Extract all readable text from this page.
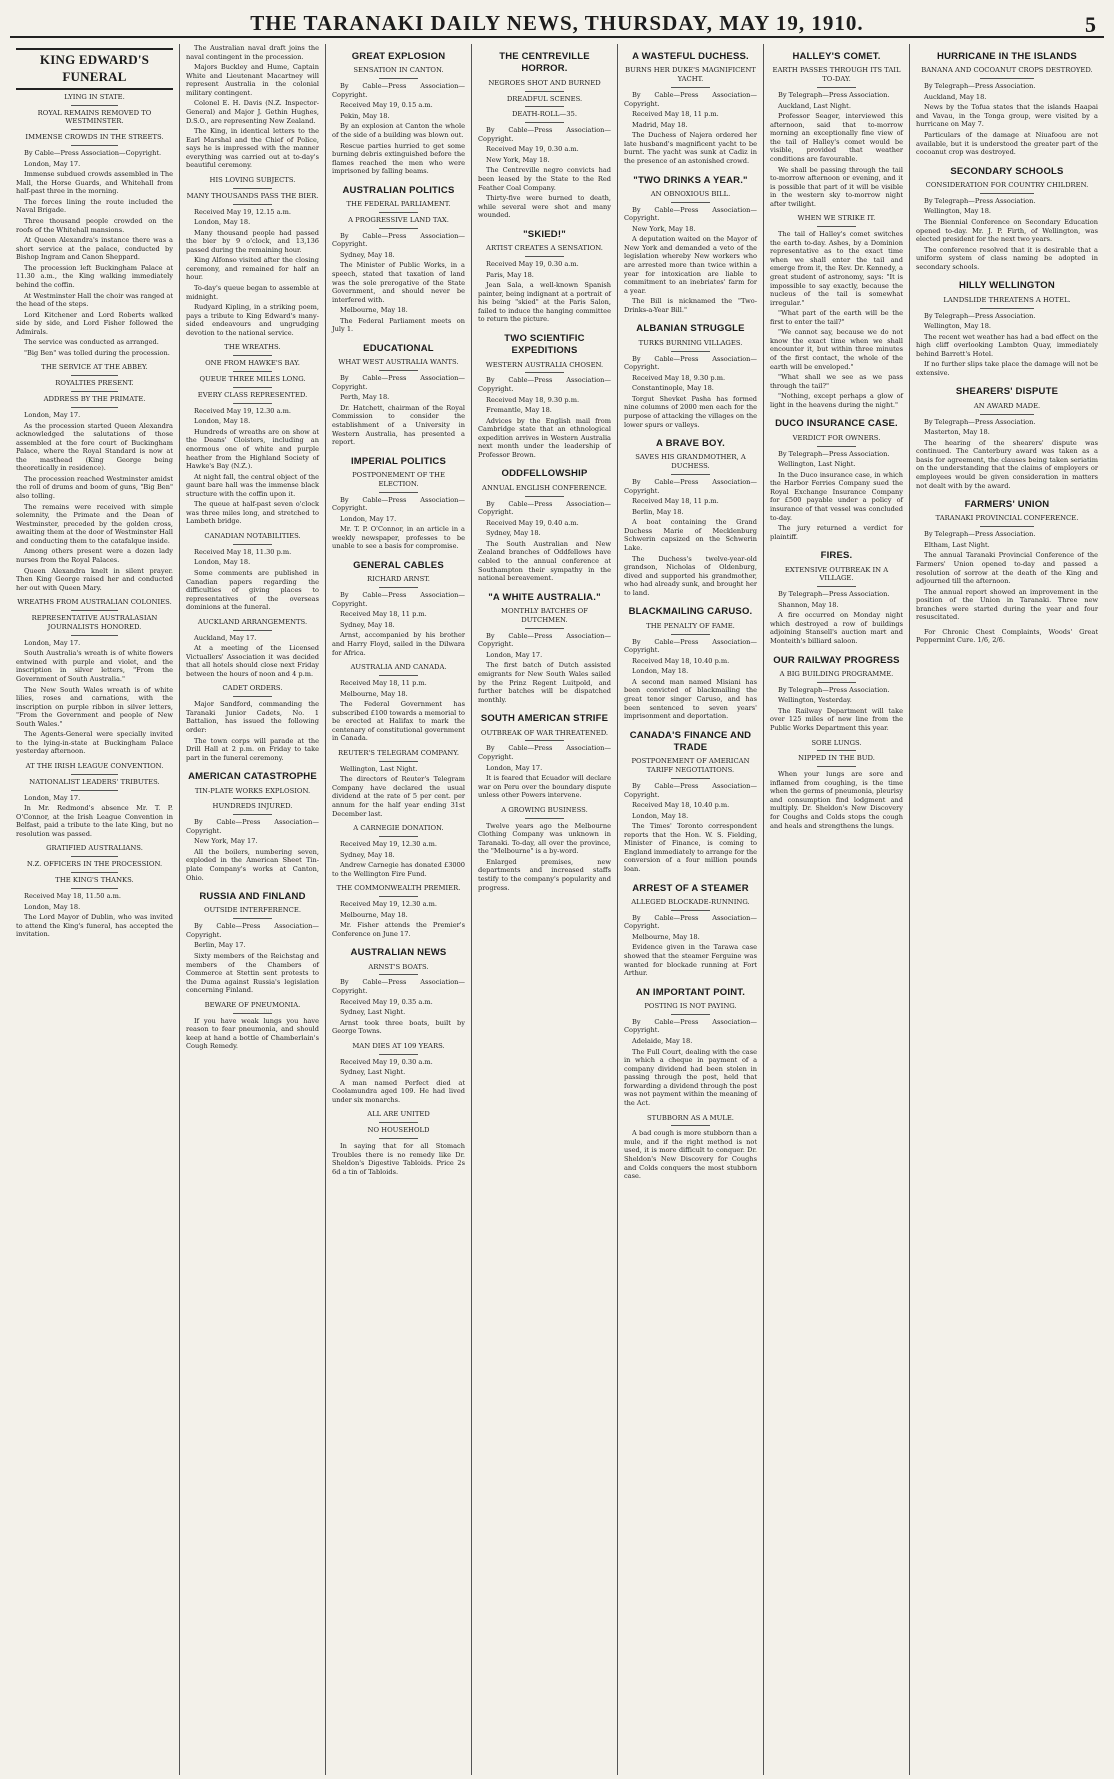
THE TARANAKI DAILY NEWS, THURSDAY, MAY 19, 1910.	5
KING EDWARD'S FUNERAL
LYING IN STATE.
ROYAL REMAINS REMOVED TO WESTMINSTER.
IMMENSE CROWDS IN THE STREETS.

By Cable—Press Association—Copyright.

London, May 17.

Immense subdued crowds assembled in The Mall, the Horse Guards, and Whitehall from half-past three in the morning.

The forces lining the route included the Naval Brigade.

Three thousand people crowded on the roofs of the Whitehall mansions.

At Queen Alexandra's instance there was a short service at the palace, conducted by Bishop Ingram and Canon Sheppard.

The procession left Buckingham Palace at 11.30 a.m., the King walking immediately behind the coffin.

At Westminster Hall the choir was ranged at the head of the steps.

Lord Kitchener and Lord Roberts walked side by side, and Lord Fisher followed the Admirals.

The service was conducted as arranged.

"Big Ben" was tolled during the procession.

THE SERVICE AT THE ABBEY.
ROYALTIES PRESENT.
ADDRESS BY THE PRIMATE.

London, May 17.

As the procession started Queen Alexandra acknowledged the salutations of those assembled at the fore court of Buckingham Palace, where the Royal Standard is now at the masthead (King George being theoretically in residence).

The procession reached Westminster amidst the roll of drums and boom of guns, "Big Ben" also tolling.

The remains were received with simple solemnity, the Primate and the Dean of Westminster, preceded by the golden cross, awaiting them at the door of Westminster Hall and conducting them to the catafalque inside.

Among others present were a dozen lady nurses from the Royal Palaces.

Queen Alexandra knelt in silent prayer. Then King George raised her and conducted her out with Queen Mary.

WREATHS FROM AUSTRALIAN COLONIES.
REPRESENTATIVE AUSTRALASIAN JOURNALISTS HONORED.

London, May 17.

South Australia's wreath is of white flowers entwined with purple and violet, and the inscription in silver letters, "From the Government of South Australia."

The New South Wales wreath is of white lilies, roses and carnations, with the inscription on purple ribbon in silver letters, "From the Government and people of New South Wales."

The Agents-General were specially invited to the lying-in-state at Buckingham Palace yesterday afternoon.

AT THE IRISH LEAGUE CONVENTION.
NATIONALIST LEADERS' TRIBUTES.

London, May 17.

In Mr. Redmond's absence Mr. T. P. O'Connor, at the Irish League Convention in Belfast, paid a tribute to the late King, but no resolution was passed.

GRATIFIED AUSTRALIANS.
N.Z. OFFICERS IN THE PROCESSION.
THE KING'S THANKS.

Received May 18, 11.50 a.m.

London, May 18.

The Lord Mayor of Dublin, who was invited to attend the King's funeral, has accepted the invitation.

The Australian naval draft joins the naval contingent in the procession.

Majors Buckley and Hume, Captain White and Lieutenant Macartney will represent Australia in the colonial military contingent.

Colonel E. H. Davis (N.Z. Inspector-General) and Major J. Gethin Hughes, D.S.O., are representing New Zealand.

The King, in identical letters to the Earl Marshal and the Chief of Police, says he is impressed with the manner everything was carried out at to-day's beautiful ceremony.

HIS LOVING SUBJECTS.
MANY THOUSANDS PASS THE BIER.

Received May 19, 12.15 a.m.

London, May 18.

Many thousand people had passed the bier by 9 o'clock, and 13,136 passed during the remaining hour.

King Alfonso visited after the closing ceremony, and remained for half an hour.

To-day's queue began to assemble at midnight.

Rudyard Kipling, in a striking poem, pays a tribute to King Edward's many-sided endeavours and ungrudging devotion to the national service.

THE WREATHS.
ONE FROM HAWKE'S BAY.
QUEUE THREE MILES LONG.
EVERY CLASS REPRESENTED.

Received May 19, 12.30 a.m.

London, May 18.

Hundreds of wreaths are on show at the Deans' Cloisters, including an enormous one of white and purple heather from the Highland Society of Hawke's Bay (N.Z.).

At night fall, the central object of the gaunt bare hall was the immense black structure with the coffin upon it.

The queue at half-past seven o'clock was three miles long, and stretched to Lambeth bridge.

CANADIAN NOTABILITIES.

Received May 18, 11.30 p.m.

London, May 18.

Some comments are published in Canadian papers regarding the difficulties of giving places to representatives of the overseas dominions at the funeral.

AUCKLAND ARRANGEMENTS.

Auckland, May 17.

At a meeting of the Licensed Victuallers' Association it was decided that all hotels should close next Friday between the hours of noon and 4 p.m.

CADET ORDERS.

Major Sandford, commanding the Taranaki Junior Cadets, No. 1 Battalion, has issued the following order:

The town corps will parade at the Drill Hall at 2 p.m. on Friday to take part in the funeral ceremony.

AMERICAN CATASTROPHE
TIN-PLATE WORKS EXPLOSION.
HUNDREDS INJURED.

By Cable—Press Association—Copyright.

New York, May 17.

All the boilers, numbering seven, exploded in the American Sheet Tin-plate Company's works at Canton, Ohio.

RUSSIA AND FINLAND
OUTSIDE INTERFERENCE.

By Cable—Press Association—Copyright.

Berlin, May 17.

Sixty members of the Reichstag and members of the Chambers of Commerce at Stettin sent protests to the Duma against Russia's legislation concerning Finland.

BEWARE OF PNEUMONIA.

If you have weak lungs you have reason to fear pneumonia, and should keep at hand a bottle of Chamberlain's Cough Remedy.

GREAT EXPLOSION
SENSATION IN CANTON.

By Cable—Press Association—Copyright.

Received May 19, 0.15 a.m.

Pekin, May 18.

By an explosion at Canton the whole of the side of a building was blown out.

Rescue parties hurried to get some burning debris extinguished before the flames reached the men who were imprisoned by falling beams.

AUSTRALIAN POLITICS
THE FEDERAL PARLIAMENT.
A PROGRESSIVE LAND TAX.

By Cable—Press Association—Copyright.

Sydney, May 18.

The Minister of Public Works, in a speech, stated that taxation of land was the sole prerogative of the State Government, and should never be interfered with.

Melbourne, May 18.

The Federal Parliament meets on July 1.

EDUCATIONAL
WHAT WEST AUSTRALIA WANTS.

By Cable—Press Association—Copyright.

Perth, May 18.

Dr. Hatchett, chairman of the Royal Commission to consider the establishment of a University in Western Australia, has presented a report.

IMPERIAL POLITICS
POSTPONEMENT OF THE ELECTION.

By Cable—Press Association—Copyright.

London, May 17.

Mr. T. P. O'Connor, in an article in a weekly newspaper, professes to be unable to see a basis for compromise.

GENERAL CABLES
RICHARD ARNST.

By Cable—Press Association—Copyright.

Received May 18, 11 p.m.

Sydney, May 18.

Arnst, accompanied by his brother and Harry Floyd, sailed in the Dilwara for Africa.

AUSTRALIA AND CANADA.

Received May 18, 11 p.m.

Melbourne, May 18.

The Federal Government has subscribed £100 towards a memorial to be erected at Halifax to mark the centenary of constitutional government in Canada.

REUTER'S TELEGRAM COMPANY.

Wellington, Last Night.

The directors of Reuter's Telegram Company have declared the usual dividend at the rate of 5 per cent. per annum for the half year ending 31st December last.

A CARNEGIE DONATION.

Received May 19, 12.30 a.m.

Sydney, May 18.

Andrew Carnegie has donated £3000 to the Wellington Fire Fund.

THE COMMONWEALTH PREMIER.

Received May 19, 12.30 a.m.

Melbourne, May 18.

Mr. Fisher attends the Premier's Conference on June 17.

AUSTRALIAN NEWS
ARNST'S BOATS.

By Cable—Press Association—Copyright.

Received May 19, 0.35 a.m.

Sydney, Last Night.

Arnst took three boats, built by George Towns.

MAN DIES AT 109 YEARS.

Received May 19, 0.30 a.m.

Sydney, Last Night.

A man named Perfect died at Coolamundra aged 109. He had lived under six monarchs.

ALL ARE UNITED
NO HOUSEHOLD

In saying that for all Stomach Troubles there is no remedy like Dr. Sheldon's Digestive Tabloids. Price 2s 6d a tin of Tabloids.

THE CENTREVILLE HORROR.
NEGROES SHOT AND BURNED
DREADFUL SCENES.
DEATH-ROLL—35.

By Cable—Press Association—Copyright.

Received May 19, 0.30 a.m.

New York, May 18.

The Centreville negro convicts had been leased by the State to the Red Feather Coal Company.

Thirty-five were burned to death, while several were shot and many wounded.

"SKIED!"
ARTIST CREATES A SENSATION.

Received May 19, 0.30 a.m.

Paris, May 18.

Jean Sala, a well-known Spanish painter, being indignant at a portrait of his being "skied" at the Paris Salon, failed to induce the hanging committee to return the picture.

TWO SCIENTIFIC EXPEDITIONS
WESTERN AUSTRALIA CHOSEN.

By Cable—Press Association—Copyright.

Received May 18, 9.30 p.m.

Fremantle, May 18.

Advices by the English mail from Cambridge state that an ethnological expedition arrives in Western Australia next month under the leadership of Professor Brown.

ODDFELLOWSHIP
ANNUAL ENGLISH CONFERENCE.

By Cable—Press Association—Copyright.

Received May 19, 0.40 a.m.

Sydney, May 18.

The South Australian and New Zealand branches of Oddfellows have cabled to the annual conference at Southampton their sympathy in the national bereavement.

"A WHITE AUSTRALIA."
MONTHLY BATCHES OF DUTCHMEN.

By Cable—Press Association—Copyright.

London, May 17.

The first batch of Dutch assisted emigrants for New South Wales sailed by the Prinz Regent Luitpold, and further batches will be dispatched monthly.

SOUTH AMERICAN STRIFE
OUTBREAK OF WAR THREATENED.

By Cable—Press Association—Copyright.

London, May 17.

It is feared that Ecuador will declare war on Peru over the boundary dispute unless other Powers intervene.

A GROWING BUSINESS.

Twelve years ago the Melbourne Clothing Company was unknown in Taranaki. To-day, all over the province, the "Melbourne" is a by-word.

Enlarged premises, new departments and increased staffs testify to the company's popularity and progress.

A WASTEFUL DUCHESS.
BURNS HER DUKE'S MAGNIFICENT YACHT.

By Cable—Press Association—Copyright.

Received May 18, 11 p.m.

Madrid, May 18.

The Duchess of Najera ordered her late husband's magnificent yacht to be burnt. The yacht was sunk at Cadiz in the presence of an astonished crowd.

"TWO DRINKS A YEAR."
AN OBNOXIOUS BILL.

By Cable—Press Association—Copyright.

New York, May 18.

A deputation waited on the Mayor of New York and demanded a veto of the legislation whereby New workers who are arrested more than twice within a year for intoxication are liable to commitment to an inebriates' farm for a year.

The Bill is nicknamed the "Two-Drinks-a-Year Bill."

ALBANIAN STRUGGLE
TURKS BURNING VILLAGES.

By Cable—Press Association—Copyright.

Received May 18, 9.30 p.m.

Constantinople, May 18.

Torgut Shevket Pasha has formed nine columns of 2000 men each for the purpose of attacking the villages on the lower spurs or valleys.

A BRAVE BOY.
SAVES HIS GRANDMOTHER, A DUCHESS.

By Cable—Press Association—Copyright.

Received May 18, 11 p.m.

Berlin, May 18.

A boat containing the Grand Duchess Marie of Mecklenburg Schwerin capsized on the Schwerin Lake.

The Duchess's twelve-year-old grandson, Nicholas of Oldenburg, dived and supported his grandmother, who had already sunk, and brought her to land.

BLACKMAILING CARUSO.
THE PENALTY OF FAME.

By Cable—Press Association—Copyright.

Received May 18, 10.40 p.m.

London, May 18.

A second man named Misiani has been convicted of blackmailing the great tenor singer Caruso, and has been sentenced to seven years' imprisonment and deportation.

CANADA'S FINANCE AND TRADE
POSTPONEMENT OF AMERICAN TARIFF NEGOTIATIONS.

By Cable—Press Association—Copyright.

Received May 18, 10.40 p.m.

London, May 18.

The Times' Toronto correspondent reports that the Hon. W. S. Fielding, Minister of Finance, is coming to England immediately to arrange for the conversion of a four million pounds loan.

ARREST OF A STEAMER
ALLEGED BLOCKADE-RUNNING.

By Cable—Press Association—Copyright.

Melbourne, May 18.

Evidence given in the Tarawa case showed that the steamer Ferguine was wanted for blockade running at Fort Arthur.

AN IMPORTANT POINT.
POSTING IS NOT PAYING.

By Cable—Press Association—Copyright.

Adelaide, May 18.

The Full Court, dealing with the case in which a cheque in payment of a company dividend had been stolen in passing through the post, held that forwarding a dividend through the post was not payment within the meaning of the Act.

STUBBORN AS A MULE.

A bad cough is more stubborn than a mule, and if the right method is not used, it is more difficult to conquer. Dr. Sheldon's New Discovery for Coughs and Colds conquers the most stubborn case.

HALLEY'S COMET.
EARTH PASSES THROUGH ITS TAIL TO-DAY.

By Telegraph—Press Association.

Auckland, Last Night.

Professor Seager, interviewed this afternoon, said that to-morrow morning an exceptionally fine view of the tail of Halley's comet would be visible, provided that weather conditions are favourable.

We shall be passing through the tail to-morrow afternoon or evening, and it is possible that part of it will be visible in the western sky to-morrow night after twilight.

WHEN WE STRIKE IT.

The tail of Halley's comet switches the earth to-day. Ashes, by a Dominion representative as to the exact time when we shall enter the tail and emerge from it, the Rev. Dr. Kennedy, a great student of astronomy, says: "It is impossible to say exactly, because the nucleus of the tail is somewhat irregular."

"What part of the earth will be the first to enter the tail?"

"We cannot say, because we do not know the exact time when we shall encounter it, but within three minutes of the first contact, the whole of the earth will be enveloped."

"What shall we see as we pass through the tail?"

"Nothing, except perhaps a glow of light in the heavens during the night."

DUCO INSURANCE CASE.
VERDICT FOR OWNERS.

By Telegraph—Press Association.

Wellington, Last Night.

In the Duco insurance case, in which the Harbor Ferries Company sued the Royal Exchange Insurance Company for £500 payable under a policy of insurance of that vessel was concluded to-day.

The jury returned a verdict for plaintiff.

FIRES.
EXTENSIVE OUTBREAK IN A VILLAGE.

By Telegraph—Press Association.

Shannon, May 18.

A fire occurred on Monday night which destroyed a row of buildings adjoining Stansell's auction mart and Monteith's billiard saloon.

OUR RAILWAY PROGRESS
A BIG BUILDING PROGRAMME.

By Telegraph—Press Association.

Wellington, Yesterday.

The Railway Department will take over 125 miles of new line from the Public Works Department this year.

SORE LUNGS.
NIPPED IN THE BUD.

When your lungs are sore and inflamed from coughing, is the time when the germs of pneumonia, pleurisy and consumption find lodgment and multiply. Dr. Sheldon's New Discovery for Coughs and Colds stops the cough and heals and strengthens the lungs.

HURRICANE IN THE ISLANDS
BANANA AND COCOANUT CROPS DESTROYED.

By Telegraph—Press Association.

Auckland, May 18.

News by the Tofua states that the islands Haapai and Vavau, in the Tonga group, were visited by a hurricane on May 7.

Particulars of the damage at Niuafoou are not available, but it is understood the greater part of the cocoanut crop was destroyed.

SECONDARY SCHOOLS
CONSIDERATION FOR COUNTRY CHILDREN.

By Telegraph—Press Association.

Wellington, May 18.

The Biennial Conference on Secondary Education opened to-day. Mr. J. P. Firth, of Wellington, was elected president for the next two years.

The conference resolved that it is desirable that a uniform system of class naming be adopted in secondary schools.

HILLY WELLINGTON
LANDSLIDE THREATENS A HOTEL.

By Telegraph—Press Association.

Wellington, May 18.

The recent wet weather has had a bad effect on the high cliff overlooking Lambton Quay, immediately behind Barrett's Hotel.

If no further slips take place the damage will not be extensive.

SHEARERS' DISPUTE
AN AWARD MADE.

By Telegraph—Press Association.

Masterton, May 18.

The hearing of the shearers' dispute was continued. The Canterbury award was taken as a basis for agreement, the clauses being taken seriatim on the understanding that the claims of employers or employees would be given consideration in matters not dealt with by the award.

FARMERS' UNION
TARANAKI PROVINCIAL CONFERENCE.

By Telegraph—Press Association.

Eltham, Last Night.

The annual Taranaki Provincial Conference of the Farmers' Union opened to-day and passed a resolution of sorrow at the death of the King and adjourned till the afternoon.

The annual report showed an improvement in the position of the Union in Taranaki. Three new branches were started during the year and four resuscitated.

For Chronic Chest Complaints, Woods' Great Peppermint Cure. 1/6, 2/6.
